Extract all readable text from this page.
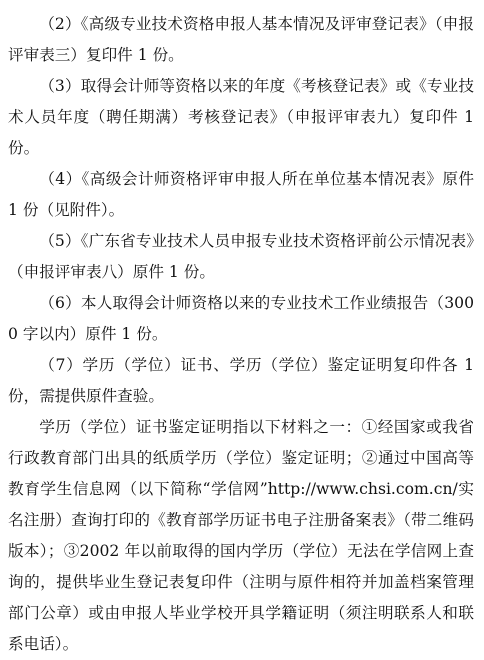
（2）《高级专业技术资格申报人基本情况及评审登记表》（申报评审表三）复印件 1 份。

（3）取得会计师等资格以来的年度《考核登记表》或《专业技术人员年度（聘任期满）考核登记表》（申报评审表九）复印件 1 份。

（4）《高级会计师资格评审申报人所在单位基本情况表》原件 1 份（见附件）。

（5）《广东省专业技术人员申报专业技术资格评前公示情况表》（申报评审表八）原件 1 份。

（6）本人取得会计师资格以来的专业技术工作业绩报告（3000 字以内）原件 1 份。

（7）学历（学位）证书、学历（学位）鉴定证明复印件各 1 份，需提供原件查验。

学历（学位）证书鉴定证明指以下材料之一：①经国家或我省行政教育部门出具的纸质学历（学位）鉴定证明；②通过中国高等教育学生信息网（以下简称“学信网”http://www.chsi.com.cn/实名注册）查询打印的《教育部学历证书电子注册备案表》（带二维码版本）；③2002 年以前取得的国内学历（学位）无法在学信网上查询的，提供毕业生登记表复印件（注明与原件相符并加盖档案管理部门公章）或由申报人毕业学校开具学籍证明（须注明联系人和联系电话）。
